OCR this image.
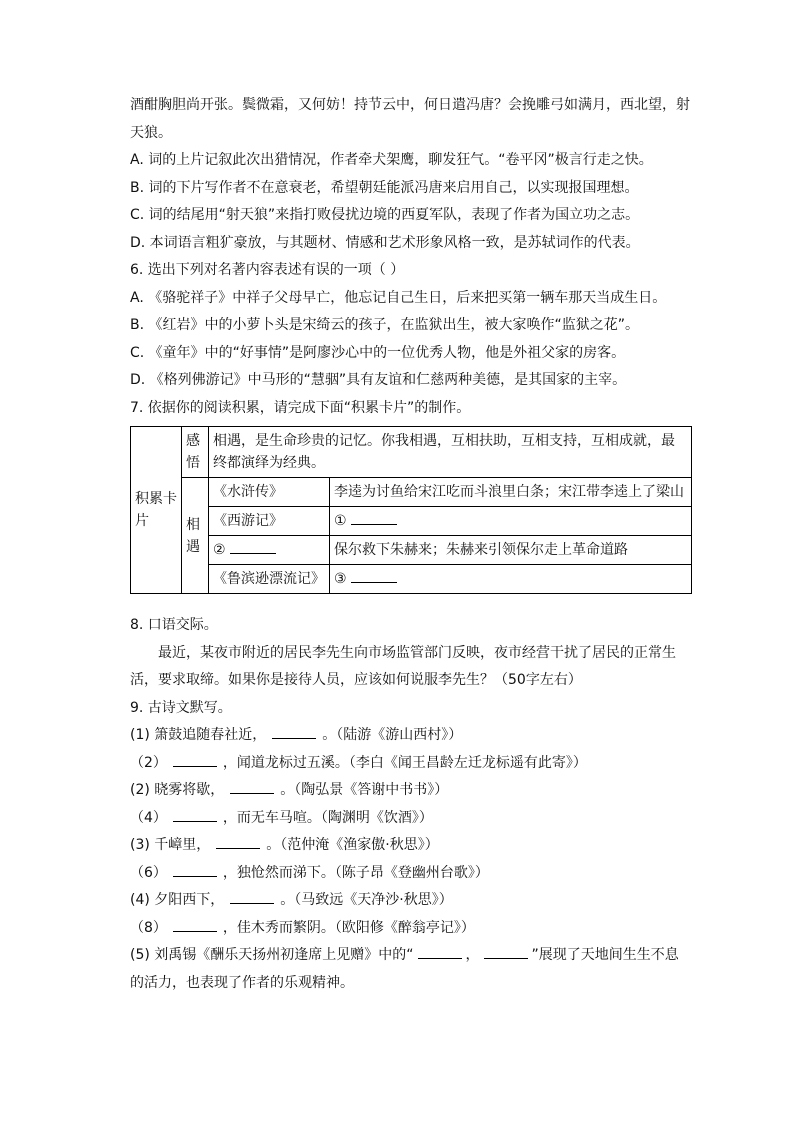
酒酣胸胆尚开张。鬓微霜，又何妨！持节云中，何日遣冯唐？会挽雕弓如满月，西北望，射
天狼。
A. 词的上片记叙此次出猎情况，作者牵犬架鹰，聊发狂气。“卷平冈”极言行走之快。
B. 词的下片写作者不在意衰老，希望朝廷能派冯唐来启用自己，以实现报国理想。
C. 词的结尾用“射天狼”来指打败侵扰边境的西夏军队，表现了作者为国立功之志。
D. 本词语言粗犷豪放，与其题材、情感和艺术形象风格一致，是苏轼词作的代表。
6. 选出下列对名著内容表述有误的一项（ ）
A. 《骆驼祥子》中祥子父母早亡，他忘记自己生日，后来把买第一辆车那天当成生日。
B. 《红岩》中的小萝卜头是宋绮云的孩子，在监狱出生，被大家唤作“监狱之花”。
C. 《童年》中的“好事情”是阿廖沙心中的一位优秀人物，他是外祖父家的房客。
D. 《格列佛游记》中马形的“慧骃”具有友谊和仁慈两种美德，是其国家的主宰。
7. 依据你的阅读积累，请完成下面“积累卡片”的制作。
积累卡片	感悟	相遇，是生命珍贵的记忆。你我相遇，互相扶助，互相支持，互相成就，最终都演绎为经典。	
	相遇	《水浒传》	李逵为讨鱼给宋江吃而斗浪里白条；宋江带李逵上了梁山
		《西游记》	①
		②	保尔救下朱赫来；朱赫来引领保尔走上革命道路
		《鲁滨逊漂流记》	③
8. 口语交际。
最近，某夜市附近的居民李先生向市场监管部门反映，夜市经营干扰了居民的正常生活，要求取缔。如果你是接待人员，应该如何说服李先生？（50字左右）
9. 古诗文默写。
(1) 箫鼓追随春社近，	。（陆游《游山西村》）
（2）	，闻道龙标过五溪。（李白《闻王昌龄左迁龙标遥有此寄》）
(2) 晓雾将歇，	。（陶弘景《答谢中书书》）
（4）	，而无车马喧。（陶渊明《饮酒》）
(3) 千嶂里，	。（范仲淹《渔家傲·秋思》）
（6）	，独怆然而涕下。（陈子昂《登幽州台歌》）
(4) 夕阳西下，	。（马致远《天净沙·秋思》）
（8）	，佳木秀而繁阴。（欧阳修《醉翁亭记》）
(5) 刘禹锡《酬乐天扬州初逢席上见赠》中的“	，	”展现了天地间生生不息
的活力，也表现了作者的乐观精神。
